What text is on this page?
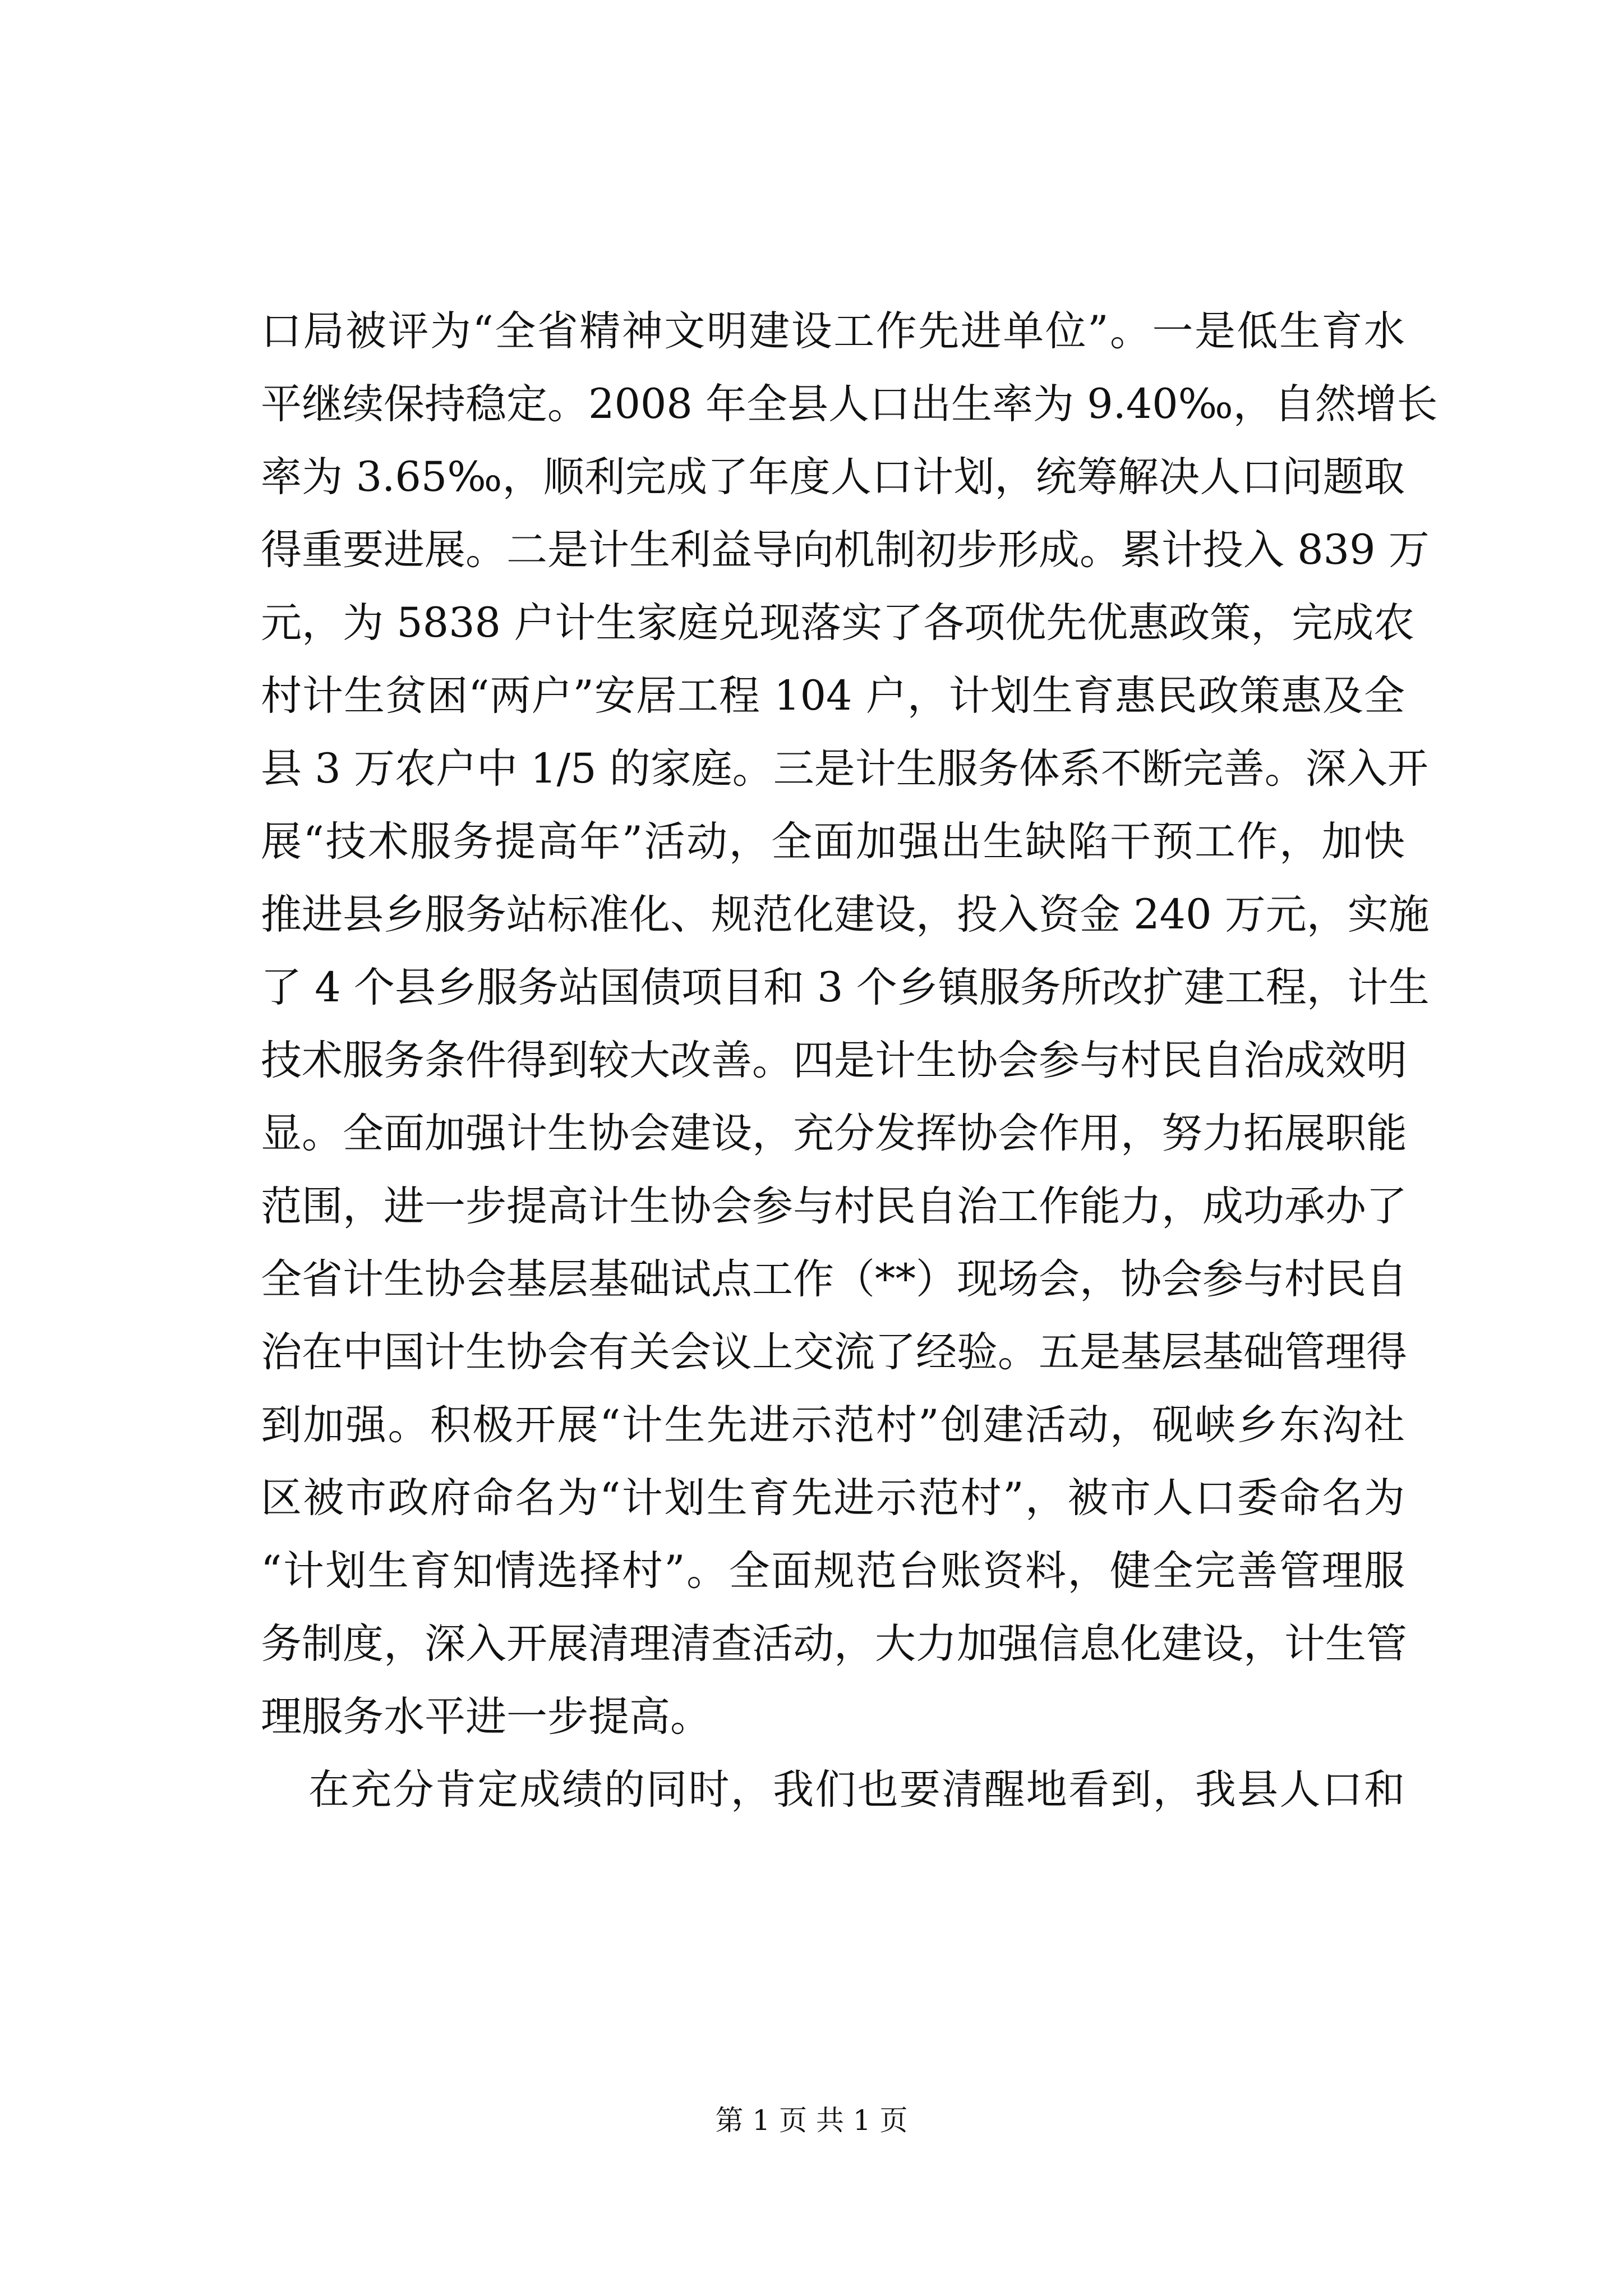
口局被评为“全省精神文明建设工作先进单位”。一是低生育水
平继续保持稳定。2008 年全县人口出生率为 9.40‰，自然增长
率为 3.65‰，顺利完成了年度人口计划，统筹解决人口问题取
得重要进展。二是计生利益导向机制初步形成。累计投入 839 万
元，为 5838 户计生家庭兑现落实了各项优先优惠政策，完成农
村计生贫困“两户”安居工程 104 户，计划生育惠民政策惠及全
县 3 万农户中 1/5 的家庭。三是计生服务体系不断完善。深入开
展“技术服务提高年”活动，全面加强出生缺陷干预工作，加快
推进县乡服务站标准化、规范化建设，投入资金 240 万元，实施
了 4 个县乡服务站国债项目和 3 个乡镇服务所改扩建工程，计生
技术服务条件得到较大改善。四是计生协会参与村民自治成效明
显。全面加强计生协会建设，充分发挥协会作用，努力拓展职能
范围，进一步提高计生协会参与村民自治工作能力，成功承办了
全省计生协会基层基础试点工作（**）现场会，协会参与村民自
治在中国计生协会有关会议上交流了经验。五是基层基础管理得
到加强。积极开展“计生先进示范村”创建活动，砚峡乡东沟社
区被市政府命名为“计划生育先进示范村”，被市人口委命名为
“计划生育知情选择村”。全面规范台账资料，健全完善管理服
务制度，深入开展清理清查活动，大力加强信息化建设，计生管
理服务水平进一步提高。
在充分肯定成绩的同时，我们也要清醒地看到，我县人口和
第 1 页 共 1 页
